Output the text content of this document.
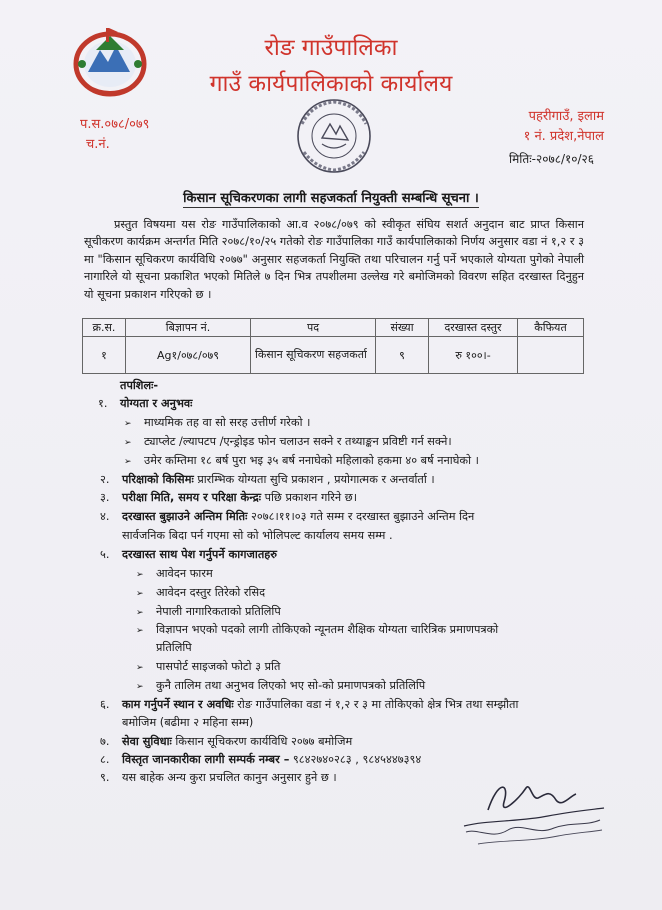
रोङ गाउँपालिका
गाउँ कार्यपालिकाको कार्यालय
प.स.०७८/०७९
च.नं.
पहरीगाउँ, इलाम
१ नं. प्रदेश,नेपाल
मितिः-२०७८/१०/२६
किसान सूचिकरणका लागी सहजकर्ता नियुक्ती सम्बन्धि सूचना ।
प्रस्तुत विषयमा यस रोङ गाउँपालिकाको आ.व २०७८/०७९ को स्वीकृत संघिय सशर्त अनुदान बाट प्राप्त किसान सूचीकरण कार्यक्रम अन्तर्गत मिति २०७८/१०/२५ गतेको रोङ गाउँपालिका गाउँ कार्यपालिकाको निर्णय अनुसार वडा नं १,२ र ३ मा "किसान सूचिकरण कार्यविधि २०७७" अनुसार सहजकर्ता नियुक्ति तथा परिचालन गर्नु पर्ने भएकाले योग्यता पुगेको नेपाली नागारिले यो सूचना प्रकाशित भएको मितिले ७ दिन भित्र तपशीलमा उल्लेख गरे बमोजिमको विवरण सहित दरखास्त दिनुहुन यो सूचना प्रकाशन गरिएको छ ।
क्र.स.	बिज्ञापन नं.	पद	संख्या	दरखास्त दस्तुर	कैफियत
१	Ag१/०७८/०७९	किसान सूचिकरण सहजकर्ता	९	रु १००।-	
तपशिलः-
१. योग्यता र अनुभवः
➢ माध्यमिक तह वा सो सरह उत्तीर्ण गरेको ।
➢ ट्याप्लेट /ल्यापटप /एन्ड्रोइड फोन चलाउन सक्ने र तथ्याङ्कन प्रविष्टी गर्न सक्ने।
➢ उमेर कम्तिमा १८ बर्ष पुरा भइ ३५ बर्ष ननाघेको महिलाको हकमा ४० बर्ष ननाघेको ।
२. परिक्षाको किसिमः प्रारम्भिक योग्यता सुचि प्रकाशन , प्रयोगात्मक र अन्तर्वार्ता ।
३. परीक्षा मिति, समय र परिक्षा केन्द्रः पछि प्रकाशन गरिने छ।
४. दरखास्त बुझाउने अन्तिम मितिः २०७८।११।०३ गते सम्म र दरखास्त बुझाउने अन्तिम दिन
सार्वजनिक बिदा पर्न गएमा सो को भोलिपल्ट कार्यालय समय सम्म .
५. दरखास्त साथ पेश गर्नुपर्ने कागजातहरु
➢ आवेदन फारम
➢ आवेदन दस्तुर तिरेको रसिद
➢ नेपाली नागारिकताको प्रतिलिपि
➢ विज्ञापन भएको पदको लागी तोकिएको न्यूनतम शैक्षिक योग्यता चारित्रिक प्रमाणपत्रको
प्रतिलिपि
➢ पासपोर्ट साइजको फोटो ३ प्रति
➢ कुनै तालिम तथा अनुभव लिएको भए सो-को प्रमाणपत्रको प्रतिलिपि
६. काम गर्नुपर्ने स्थान र अवधिः रोङ गाउँपालिका वडा नं १,२ र ३ मा तोकिएको क्षेत्र भित्र तथा सम्झौता
बमोजिम (बढीमा २ महिना सम्म)
७. सेवा सुविधाः किसान सूचिकरण कार्यविधि २०७७ बमोजिम
८. विस्तृत जानकारीका लागी सम्पर्क नम्बर – ९८४२७४०२८३ , ९८४५४४७३९४
९. यस बाहेक अन्य कुरा प्रचलित कानुन अनुसार हुने छ ।
